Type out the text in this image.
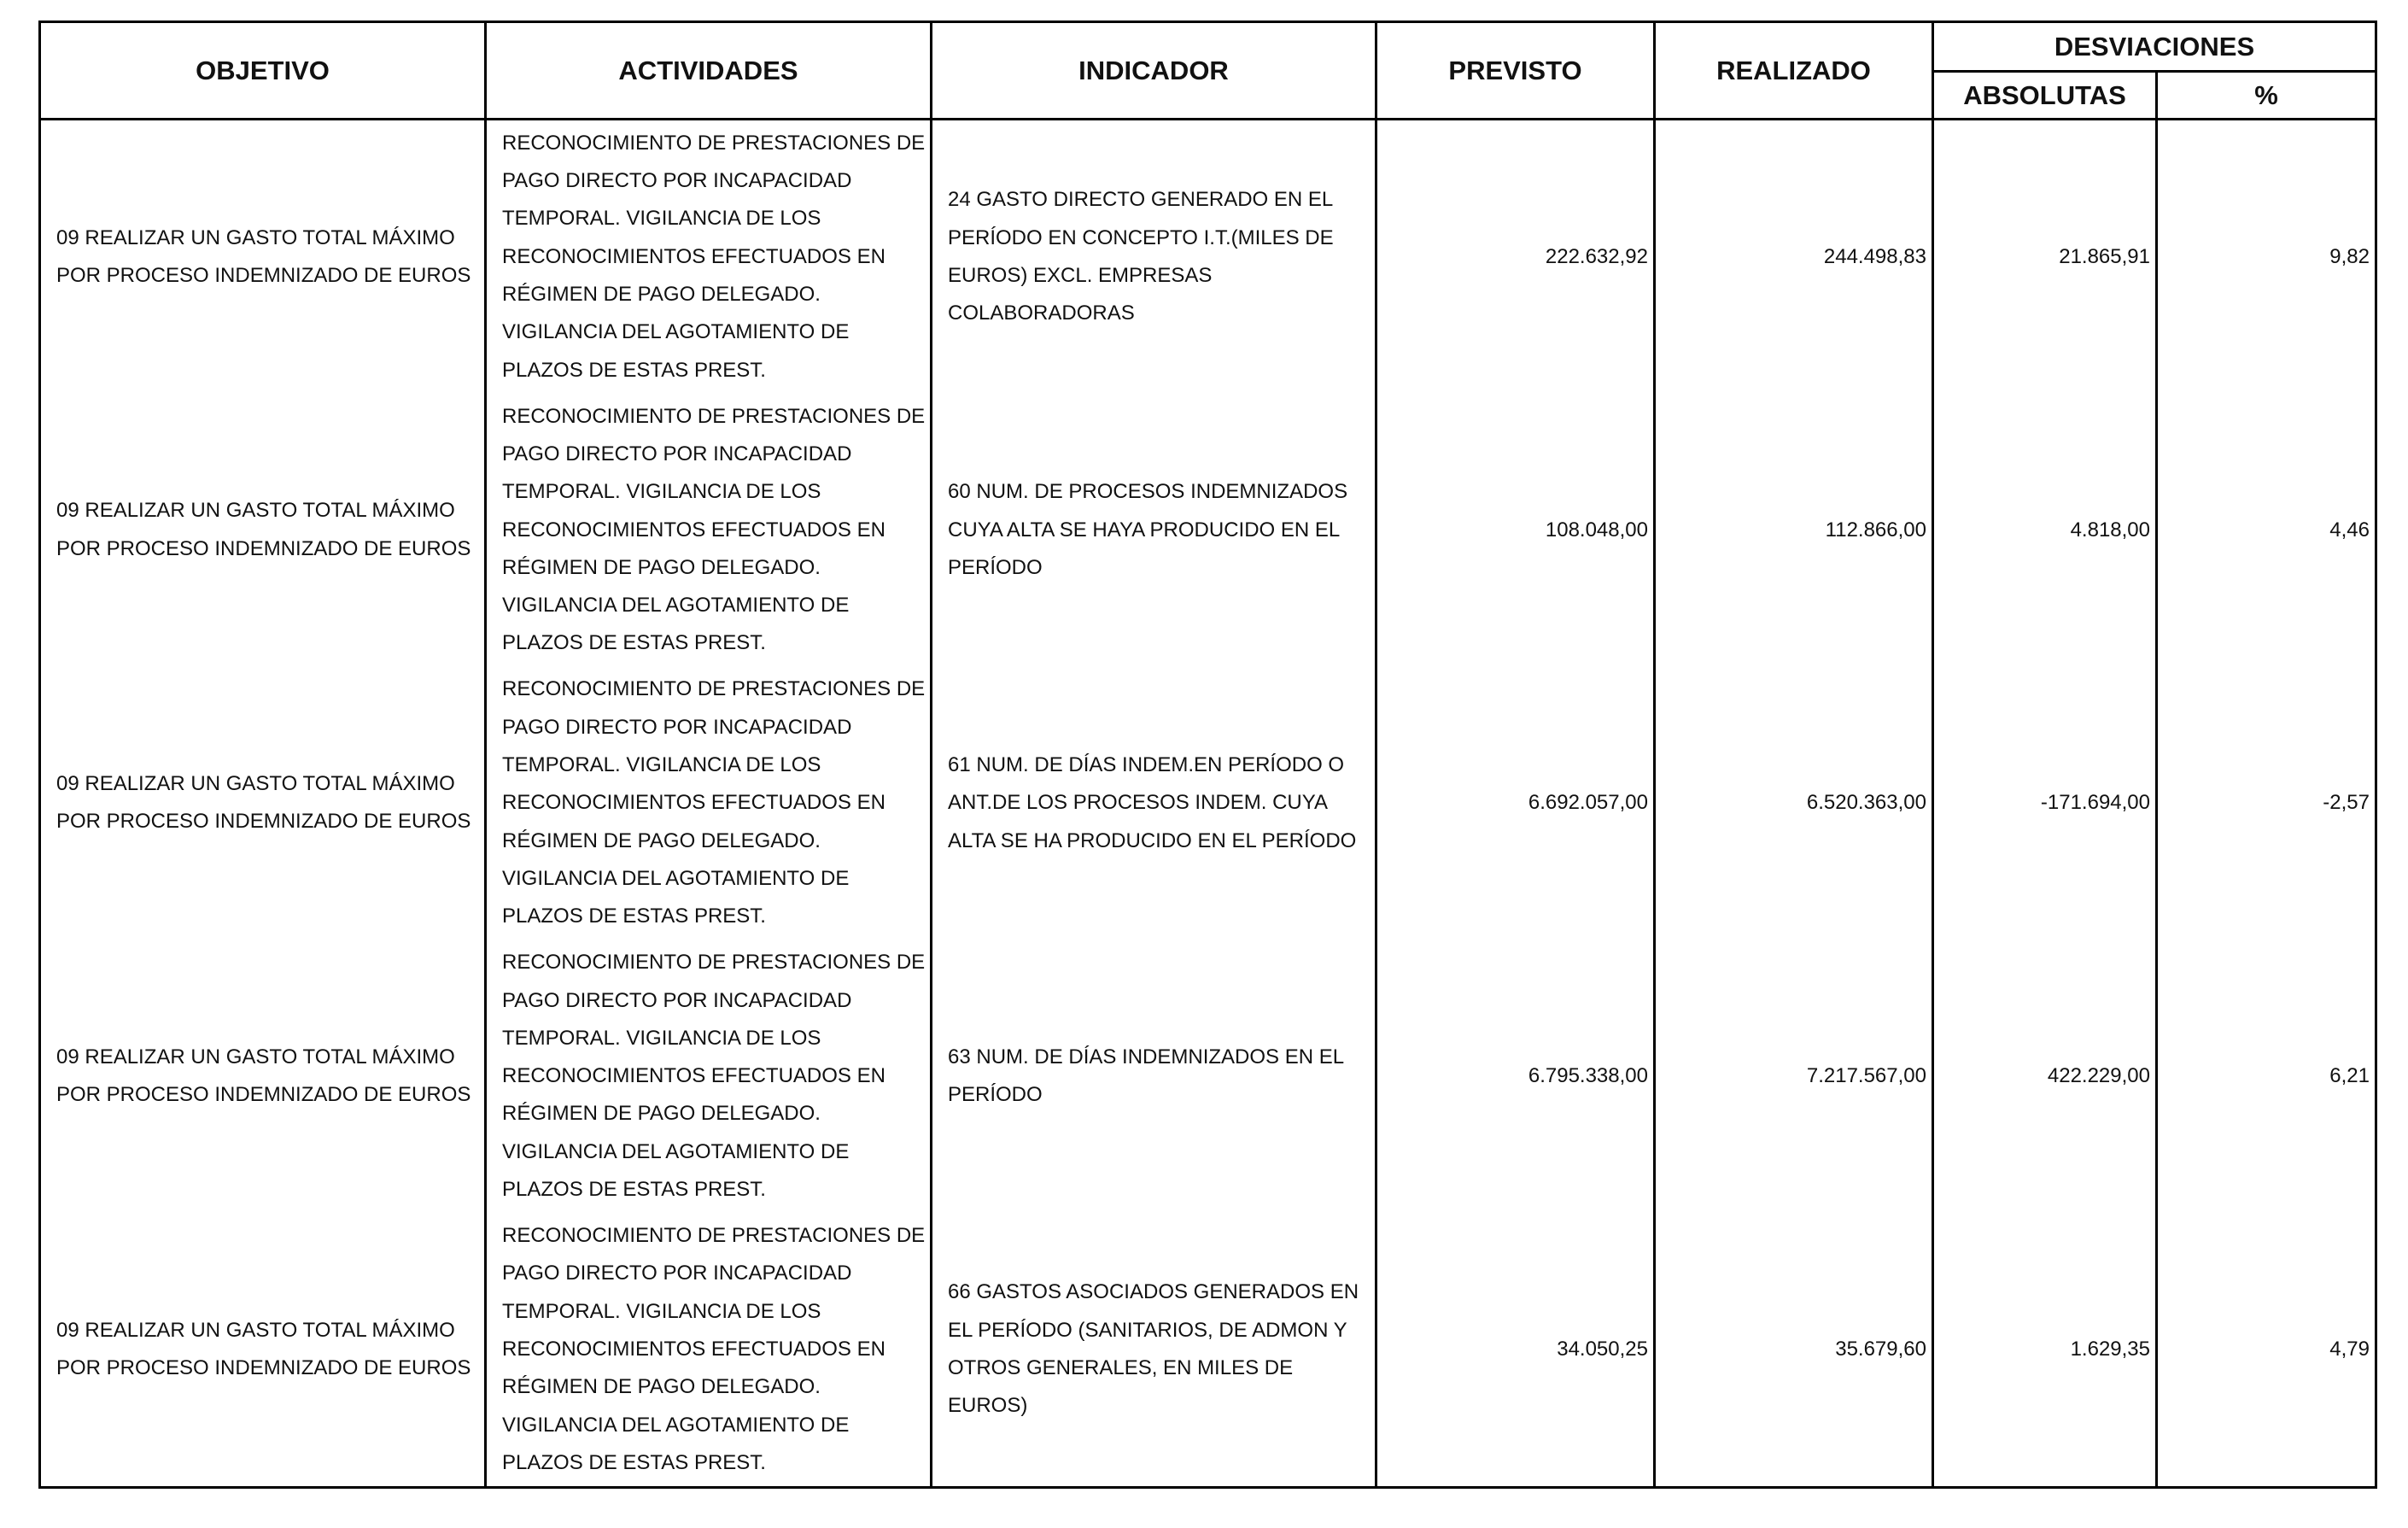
OBJETIVO	ACTIVIDADES	INDICADOR	PREVISTO	REALIZADO	DESVIACIONES	
					ABSOLUTAS	%
09 REALIZAR UN GASTO TOTAL MÁXIMO POR PROCESO INDEMNIZADO DE EUROS	RECONOCIMIENTO DE PRESTACIONES DE PAGO DIRECTO POR INCAPACIDAD TEMPORAL. VIGILANCIA DE LOS RECONOCIMIENTOS EFECTUADOS EN RÉGIMEN DE PAGO DELEGADO. VIGILANCIA DEL AGOTAMIENTO DE PLAZOS DE ESTAS PREST.	24 GASTO DIRECTO GENERADO EN EL PERÍODO EN CONCEPTO I.T.(MILES DE EUROS) EXCL. EMPRESAS COLABORADORAS	222.632,92	244.498,83	21.865,91	9,82
09 REALIZAR UN GASTO TOTAL MÁXIMO POR PROCESO INDEMNIZADO DE EUROS	RECONOCIMIENTO DE PRESTACIONES DE PAGO DIRECTO POR INCAPACIDAD TEMPORAL. VIGILANCIA DE LOS RECONOCIMIENTOS EFECTUADOS EN RÉGIMEN DE PAGO DELEGADO. VIGILANCIA DEL AGOTAMIENTO DE PLAZOS DE ESTAS PREST.	60 NUM. DE PROCESOS INDEMNIZADOS CUYA ALTA SE HAYA PRODUCIDO EN EL PERÍODO	108.048,00	112.866,00	4.818,00	4,46
09 REALIZAR UN GASTO TOTAL MÁXIMO POR PROCESO INDEMNIZADO DE EUROS	RECONOCIMIENTO DE PRESTACIONES DE PAGO DIRECTO POR INCAPACIDAD TEMPORAL. VIGILANCIA DE LOS RECONOCIMIENTOS EFECTUADOS EN RÉGIMEN DE PAGO DELEGADO. VIGILANCIA DEL AGOTAMIENTO DE PLAZOS DE ESTAS PREST.	61 NUM. DE DÍAS INDEM.EN PERÍODO O ANT.DE LOS PROCESOS INDEM. CUYA ALTA SE HA PRODUCIDO EN EL PERÍODO	6.692.057,00	6.520.363,00	-171.694,00	-2,57
09 REALIZAR UN GASTO TOTAL MÁXIMO POR PROCESO INDEMNIZADO DE EUROS	RECONOCIMIENTO DE PRESTACIONES DE PAGO DIRECTO POR INCAPACIDAD TEMPORAL. VIGILANCIA DE LOS RECONOCIMIENTOS EFECTUADOS EN RÉGIMEN DE PAGO DELEGADO. VIGILANCIA DEL AGOTAMIENTO DE PLAZOS DE ESTAS PREST.	63 NUM. DE DÍAS INDEMNIZADOS EN EL PERÍODO	6.795.338,00	7.217.567,00	422.229,00	6,21
09 REALIZAR UN GASTO TOTAL MÁXIMO POR PROCESO INDEMNIZADO DE EUROS	RECONOCIMIENTO DE PRESTACIONES DE PAGO DIRECTO POR INCAPACIDAD TEMPORAL. VIGILANCIA DE LOS RECONOCIMIENTOS EFECTUADOS EN RÉGIMEN DE PAGO DELEGADO. VIGILANCIA DEL AGOTAMIENTO DE PLAZOS DE ESTAS PREST.	66 GASTOS ASOCIADOS GENERADOS EN EL PERÍODO (SANITARIOS, DE ADMON Y OTROS GENERALES, EN MILES DE EUROS)	34.050,25	35.679,60	1.629,35	4,79
